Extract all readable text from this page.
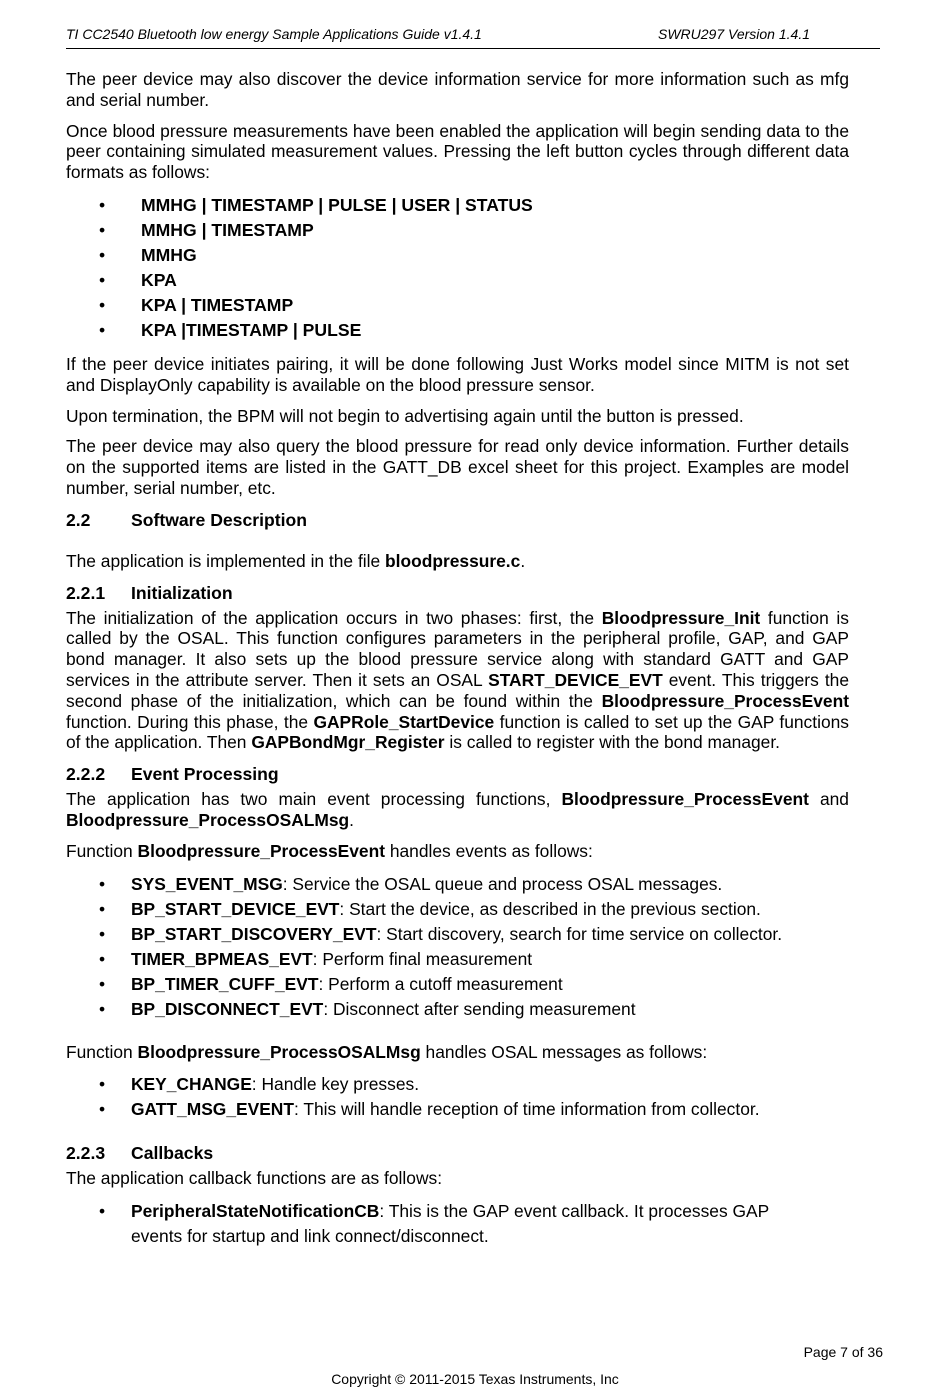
TI CC2540 Bluetooth low energy Sample Applications Guide v1.4.1	SWRU297 Version 1.4.1

The peer device may also discover the device information service for more information such as mfg and serial number.

Once blood pressure measurements have been enabled the application will begin sending data to the peer containing simulated measurement values. Pressing the left button cycles through different data formats as follows:

• MMHG | TIMESTAMP | PULSE | USER | STATUS
• MMHG | TIMESTAMP
• MMHG
• KPA
• KPA | TIMESTAMP
• KPA |TIMESTAMP | PULSE

If the peer device initiates pairing, it will be done following Just Works model since MITM is not set and DisplayOnly capability is available on the blood pressure sensor.

Upon termination, the BPM will not begin to advertising again until the button is pressed.

The peer device may also query the blood pressure for read only device information. Further details on the supported items are listed in the GATT_DB excel sheet for this project. Examples are model number, serial number, etc.

2.2 Software Description

The application is implemented in the file bloodpressure.c.

2.2.1 Initialization

The initialization of the application occurs in two phases: first, the Bloodpressure_Init function is called by the OSAL. This function configures parameters in the peripheral profile, GAP, and GAP bond manager. It also sets up the blood pressure service along with standard GATT and GAP services in the attribute server. Then it sets an OSAL START_DEVICE_EVT event. This triggers the second phase of the initialization, which can be found within the Bloodpressure_ProcessEvent function. During this phase, the GAPRole_StartDevice function is called to set up the GAP functions of the application. Then GAPBondMgr_Register is called to register with the bond manager.

2.2.2 Event Processing

The application has two main event processing functions, Bloodpressure_ProcessEvent and Bloodpressure_ProcessOSALMsg.

Function Bloodpressure_ProcessEvent handles events as follows:

• SYS_EVENT_MSG: Service the OSAL queue and process OSAL messages.
• BP_START_DEVICE_EVT: Start the device, as described in the previous section.
• BP_START_DISCOVERY_EVT: Start discovery, search for time service on collector.
• TIMER_BPMEAS_EVT: Perform final measurement
• BP_TIMER_CUFF_EVT: Perform a cutoff measurement
• BP_DISCONNECT_EVT: Disconnect after sending measurement

Function Bloodpressure_ProcessOSALMsg handles OSAL messages as follows:

• KEY_CHANGE: Handle key presses.
• GATT_MSG_EVENT: This will handle reception of time information from collector.
2.2.3 Callbacks

The application callback functions are as follows:

• PeripheralStateNotificationCB: This is the GAP event callback. It processes GAP events for startup and link connect/disconnect.
Page 7 of 36
Copyright © 2011-2015 Texas Instruments, Inc
